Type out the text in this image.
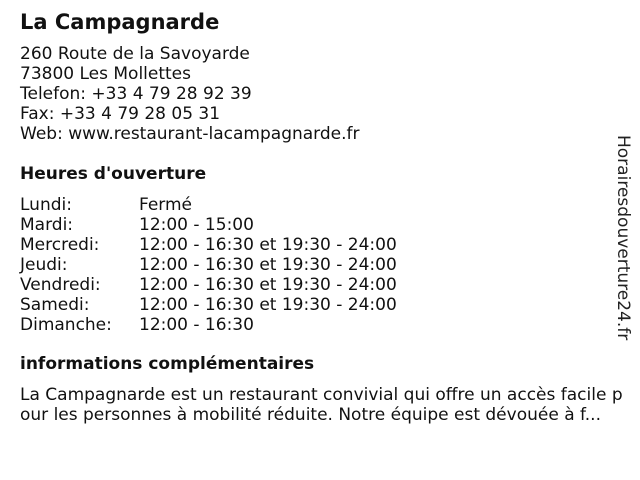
La Campagnarde
260 Route de la Savoyarde
73800 Les Mollettes
Telefon: +33 4 79 28 92 39
Fax: +33 4 79 28 05 31
Web: www.restaurant-lacampagnarde.fr
Heures d'ouverture
Lundi:	Fermé
Mardi:	12:00 - 15:00
Mercredi: 12:00 - 16:30 et 19:30 - 24:00
Jeudi:	12:00 - 16:30 et 19:30 - 24:00
Vendredi: 12:00 - 16:30 et 19:30 - 24:00
Samedi:	12:00 - 16:30 et 19:30 - 24:00
Dimanche: 12:00 - 16:30
informations complémentaires
La Campagnarde est un restaurant convivial qui offre un accès facile pour les personnes à mobilité réduite. Notre équipe est dévouée à f...
Horairesdouverture24.fr
